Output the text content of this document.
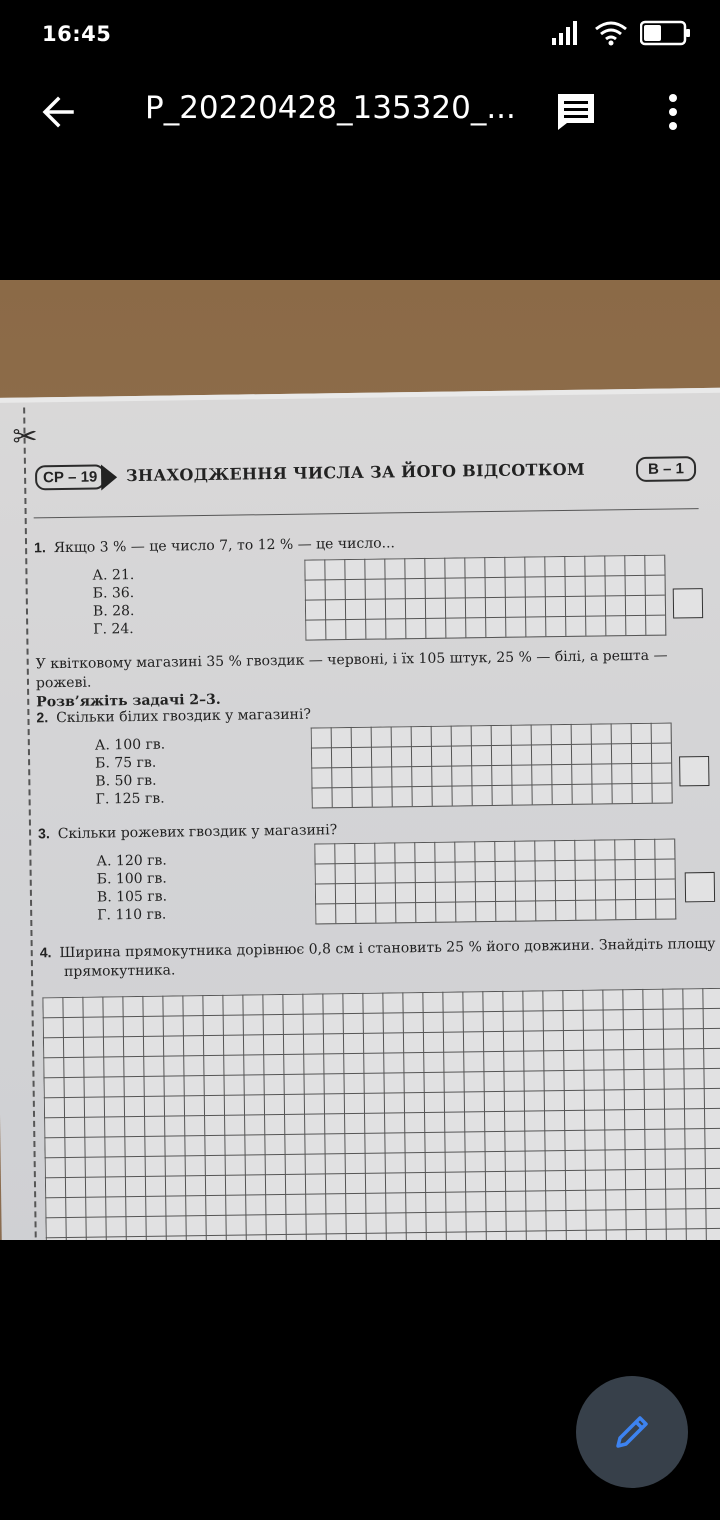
16:45
P_20220428_135320_...
✂
СР – 19	ЗНАХОДЖЕННЯ ЧИСЛА ЗА ЙОГО ВІДСОТКОМ	В – 1
1. Якщо 3 % — це число 7, то 12 % — це число...
А. 21.
Б. 36.
В. 28.
Г. 24.
У квітковому магазині 35 % гвоздик — червоні, і їх 105 штук, 25 % — білі, а решта — рожеві.
Розв’яжіть задачі 2–3.
2. Скільки білих гвоздик у магазині?
А. 100 гв.
Б. 75 гв.
В. 50 гв.
Г. 125 гв.
3. Скільки рожевих гвоздик у магазині?
А. 120 гв.
Б. 100 гв.
В. 105 гв.
Г. 110 гв.
4. Ширина прямокутника дорівнює 0,8 см і становить 25 % його довжини. Знайдіть площу
прямокутника.
